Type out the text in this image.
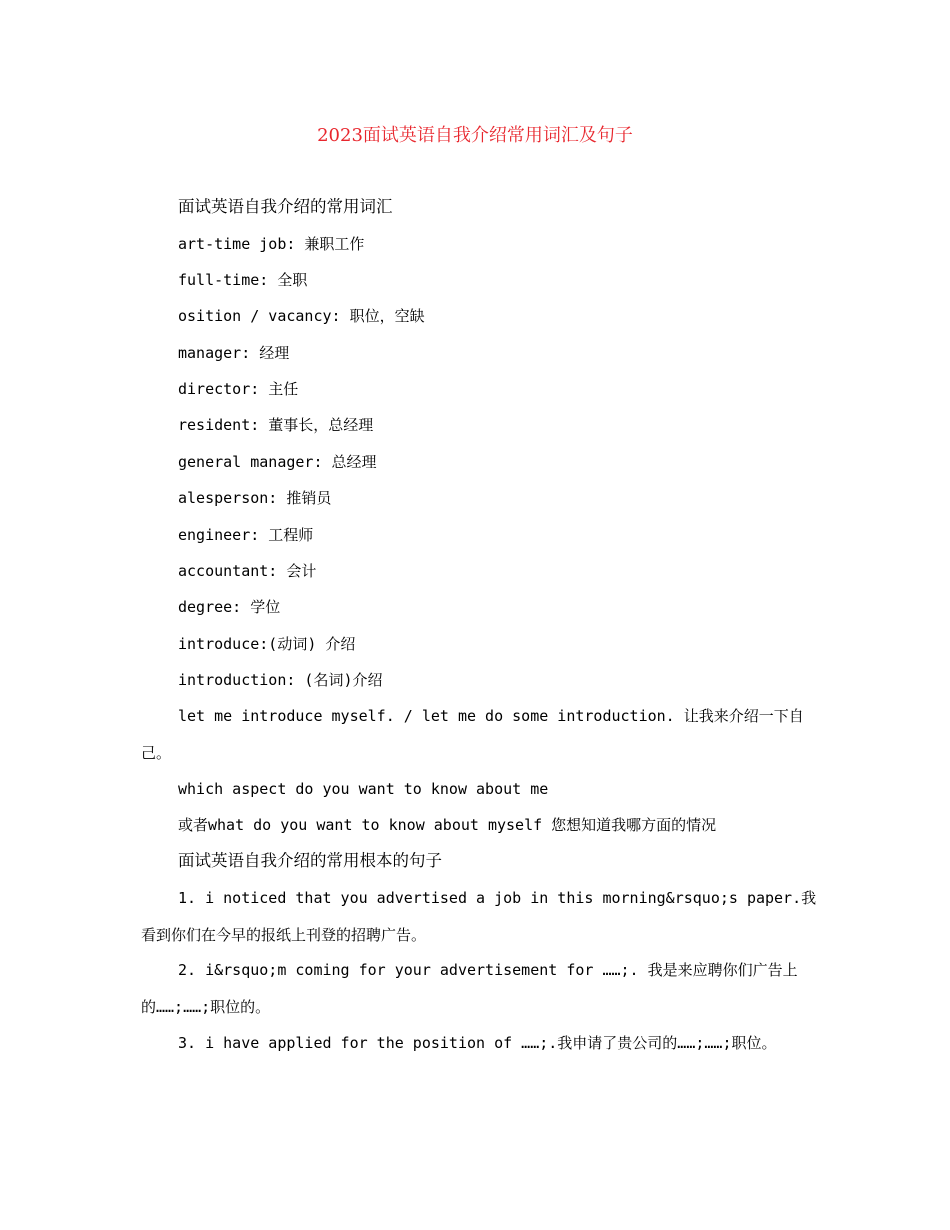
2023面试英语自我介绍常用词汇及句子

面试英语自我介绍的常用词汇

art-time job: 兼职工作

full-time: 全职

osition / vacancy: 职位，空缺

manager: 经理

director: 主任

resident: 董事长，总经理

general manager: 总经理

alesperson: 推销员

engineer: 工程师

accountant: 会计

degree: 学位

introduce:(动词) 介绍

introduction: (名词)介绍

let me introduce myself. / let me do some introduction. 让我来介绍一下自己。

which aspect do you want to know about me

或者what do you want to know about myself 您想知道我哪方面的情况

面试英语自我介绍的常用根本的句子

1. i noticed that you advertised a job in this morning&rsquo;s paper.我看到你们在今早的报纸上刊登的招聘广告。

2. i&rsquo;m coming for your advertisement for ……;. 我是来应聘你们广告上的……;……;职位的。

3. i have applied for the position of ……;.我申请了贵公司的……;……;职位。
